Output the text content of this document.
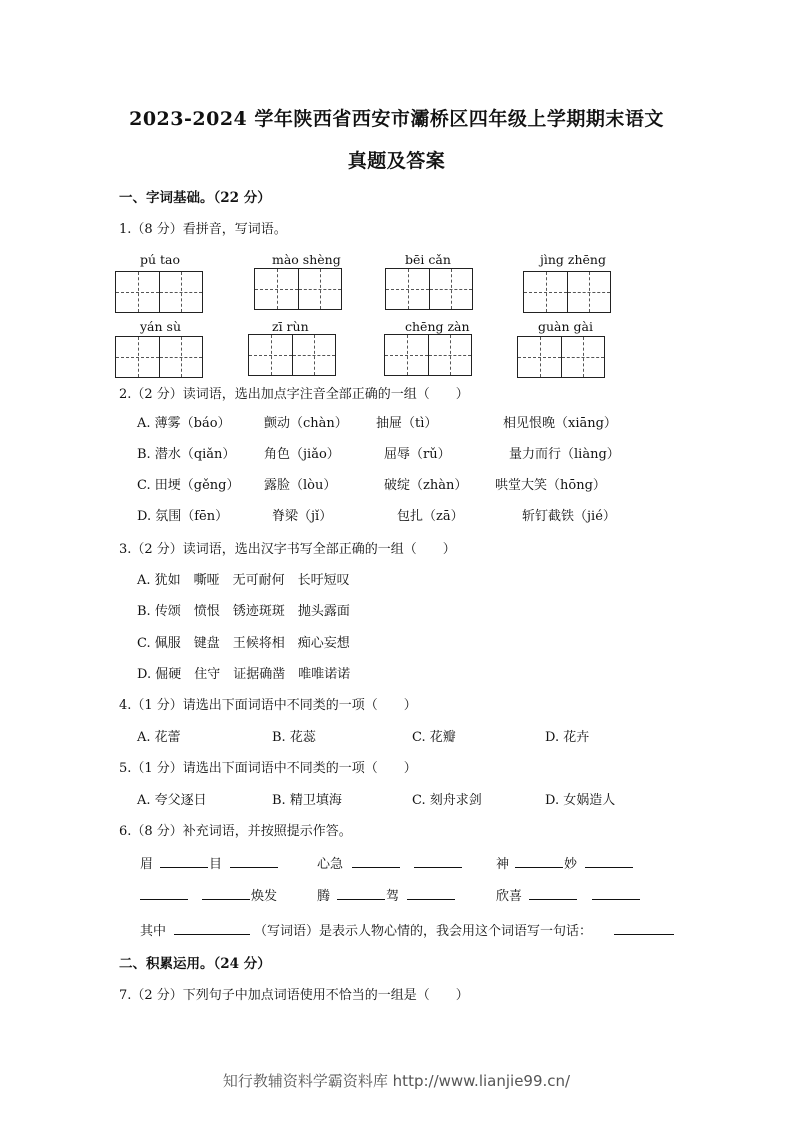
2023-2024 学年陕西省西安市灞桥区四年级上学期期末语文
真题及答案
一、字词基础。（22 分）
1.（8 分）看拼音，写词语。
pú tao	mào shèng	bēi cǎn	jìng zhēng
yán sù	zī rùn	chēng zàn	guàn gài
2.（2 分）读词语，选出加点字注音全部正确的一组（　　）
A. 薄雾（báo）	颤动（chàn） 抽屉（tì）	相见恨晚（xiāng）
B. 潜水（qiǎn） 角色（jiǎo）	屈辱（rǔ）	量力而行（liàng）
C. 田埂（gěng） 露脸（lòu）	破绽（zhàn） 哄堂大笑（hōng）
D. 氛围（fēn）	脊梁（jǐ）	包扎（zā）	斩钉截铁（jié）
3.（2 分）读词语，选出汉字书写全部正确的一组（　　）
A. 犹如　嘶哑　无可耐何　长吁短叹
B. 传颂　愤恨　锈迹斑斑　抛头露面
C. 佩服　键盘　王候将相　痴心妄想
D. 倔硬　住守　证据确凿　唯唯诺诺
4.（1 分）请选出下面词语中不同类的一项（　　）
A. 花蕾	B. 花蕊	C. 花瓣	D. 花卉
5.（1 分）请选出下面词语中不同类的一项（　　）
A. 夸父逐日	B. 精卫填海	C. 刻舟求剑	D. 女娲造人
6.（8 分）补充词语，并按照提示作答。
眉	目	心急	神	妙
焕发	腾	驾	欣喜
其中	（写词语）是表示人物心情的，我会用这个词语写一句话：
二、积累运用。（24 分）
7.（2 分）下列句子中加点词语使用不恰当的一组是（　　）
知行教辅资料学霸资料库 http://www.lianjie99.cn/
